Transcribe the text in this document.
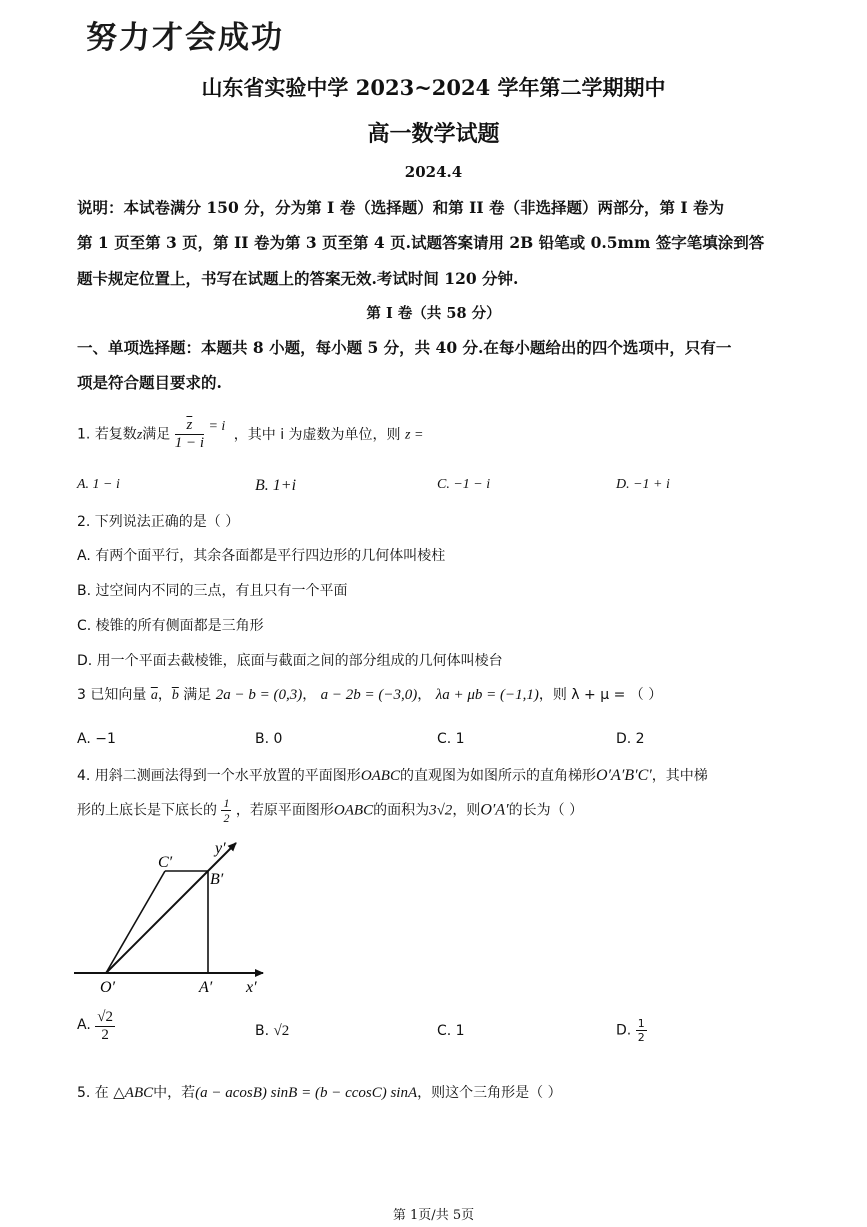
努力才会成功
山东省实验中学 2023~2024 学年第二学期期中
高一数学试题
2024.4
说明：本试卷满分 150 分，分为第 I 卷（选择题）和第 II 卷（非选择题）两部分，第 I 卷为
第 1 页至第 3 页，第 II 卷为第 3 页至第 4 页.试题答案请用 2B 铅笔或 0.5mm 签字笔填涂到答
题卡规定位置上，书写在试题上的答案无效.考试时间 120 分钟.
第 I 卷（共 58 分）
一、单项选择题：本题共 8 小题，每小题 5 分，共 40 分.在每小题给出的四个选项中，只有一
项是符合题目要求的.
1. 若复数z满足 $\frac{\overline{z}}{1 - i} = i$ ，其中 i 为虚数为单位，则 z =
A. 1 − i	B. 1+i	C. −1 − i	D. −1 + i
2. 下列说法正确的是（ ）
A. 有两个面平行，其余各面都是平行四边形的几何体叫棱柱
B. 过空间内不同的三点，有且只有一个平面
C. 棱锥的所有侧面都是三角形
D. 用一个平面去截棱锥，底面与截面之间的部分组成的几何体叫棱台
3 已知向量 $\overline{a}$，$\overline{b}$ 满足 2a − b = (0,3)， a − 2b = (−3,0)， λa + μb = (−1,1)，则 λ + μ = （ ）
A. −1	B. 0	C. 1	D. 2
4. 用斜二测画法得到一个水平放置的平面图形OABC的直观图为如图所示的直角梯形O′A′B′C′，其中梯
形的上底长是下底长的 $\frac{1}{2}$ ，若原平面图形OABC的面积为3√2，则O′A′的长为（ ）
C′
B′
y′
O′	A′ x′
A. $\frac{√2}{2}$	B. √2	C. 1	D. $\frac{1}{2}$
5. 在 △ABC中，若(a − acosB) sinB = (b − ccosC) sinA，则这个三角形是（ ）
第 1页/共 5页
